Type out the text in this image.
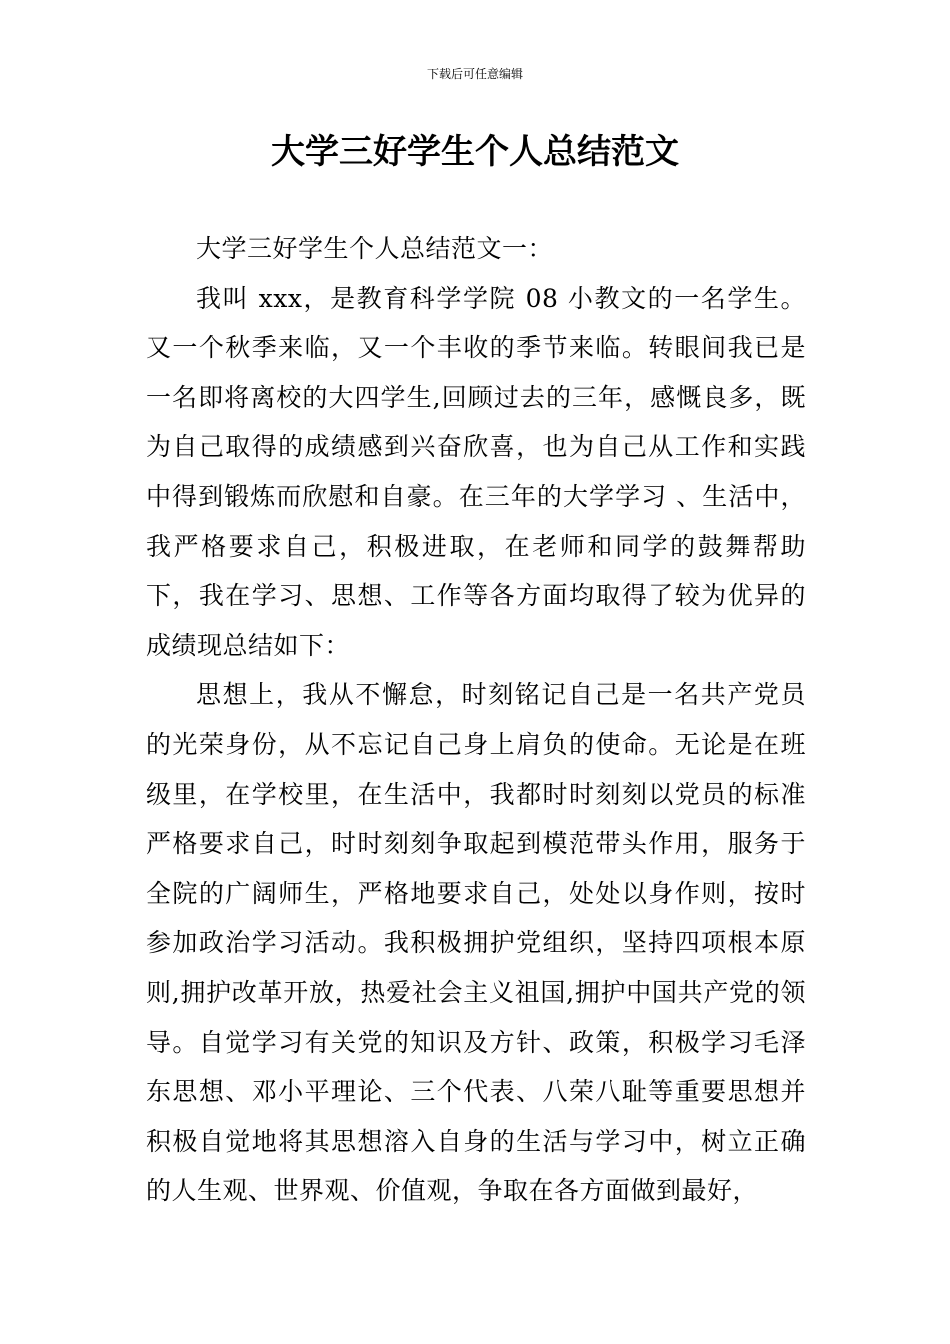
下载后可任意编辑
大学三好学生个人总结范文

大学三好学生个人总结范文一：

我叫 xxx，是教育科学学院 08 小教文的一名学生。又一个秋季来临，又一个丰收的季节来临。转眼间我已是一名即将离校的大四学生,回顾过去的三年，感慨良多，既为自己取得的成绩感到兴奋欣喜，也为自己从工作和实践中得到锻炼而欣慰和自豪。在三年的大学学习 、生活中，我严格要求自己，积极进取，在老师和同学的鼓舞帮助下，我在学习、思想、工作等各方面均取得了较为优异的成绩现总结如下：

思想上，我从不懈怠，时刻铭记自己是一名共产党员的光荣身份，从不忘记自己身上肩负的使命。无论是在班级里，在学校里，在生活中，我都时时刻刻以党员的标准严格要求自己，时时刻刻争取起到模范带头作用，服务于全院的广阔师生，严格地要求自己，处处以身作则，按时参加政治学习活动。我积极拥护党组织，坚持四项根本原则,拥护改革开放，热爱社会主义祖国,拥护中国共产党的领导。自觉学习有关党的知识及方针、政策，积极学习毛泽东思想、邓小平理论、三个代表、八荣八耻等重要思想并积极自觉地将其思想溶入自身的生活与学习中，树立正确的人生观、世界观、价值观，争取在各方面做到最好，
